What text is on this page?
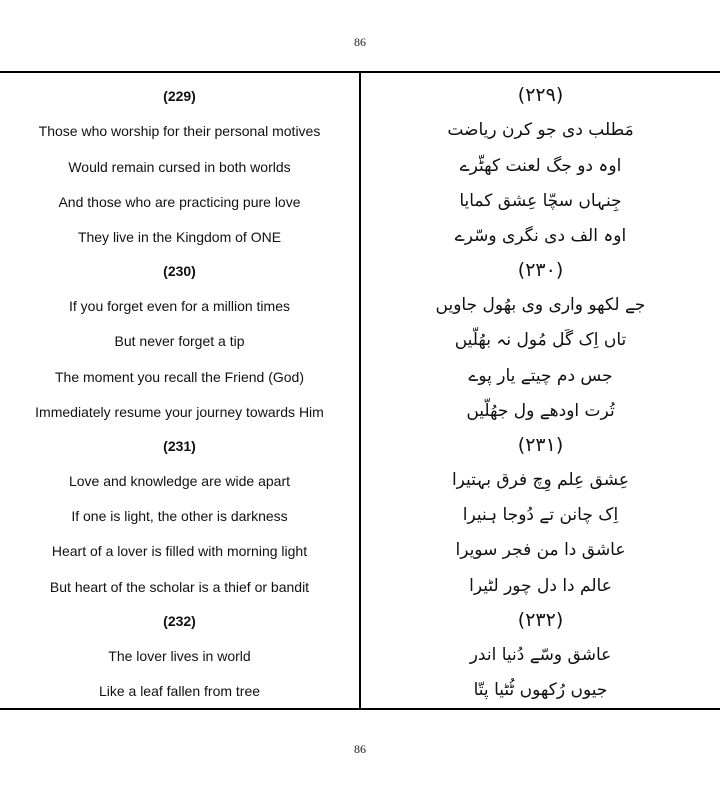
86
(229)
Those who worship for their personal motives
Would remain cursed in both worlds
And those who are practicing pure love
They live in the Kingdom of ONE
(230)
If you forget even for a million times
But never forget a tip
The moment you recall the Friend (God)
Immediately resume your journey towards Him
(231)
Love and knowledge are wide apart
If one is light, the other is darkness
Heart of a lover is filled with morning light
But heart of the scholar is a thief or bandit
(232)
The lover lives in world
Like a leaf fallen from tree
(۲۲۹)
مَطلب دی جو کرن ریاضت
اوہ دو جگ لعنت کھٹّرے
جِنہاں سچّا عِشق کمایا
اوہ الف دی نگری وسّرے
(۲۳۰)
جے لکھو واری وی بھُول جاویں
تاں اِک گَل مُول نہ بھُلّیں
جس دم چیتے یار پوے
تُرت اودھے ول جھُلّیں
(۲۳۱)
عِشق عِلم وِچ فرق بہتیرا
اِک چانن تے دُوجا ہنیرا
عاشق دا من فجر سویرا
عالم دا دل چور لٹیرا
(۲۳۲)
عاشق وسّے دُنیا اندر
جیوں رُکھوں ٹُٹیا پتّا
86
